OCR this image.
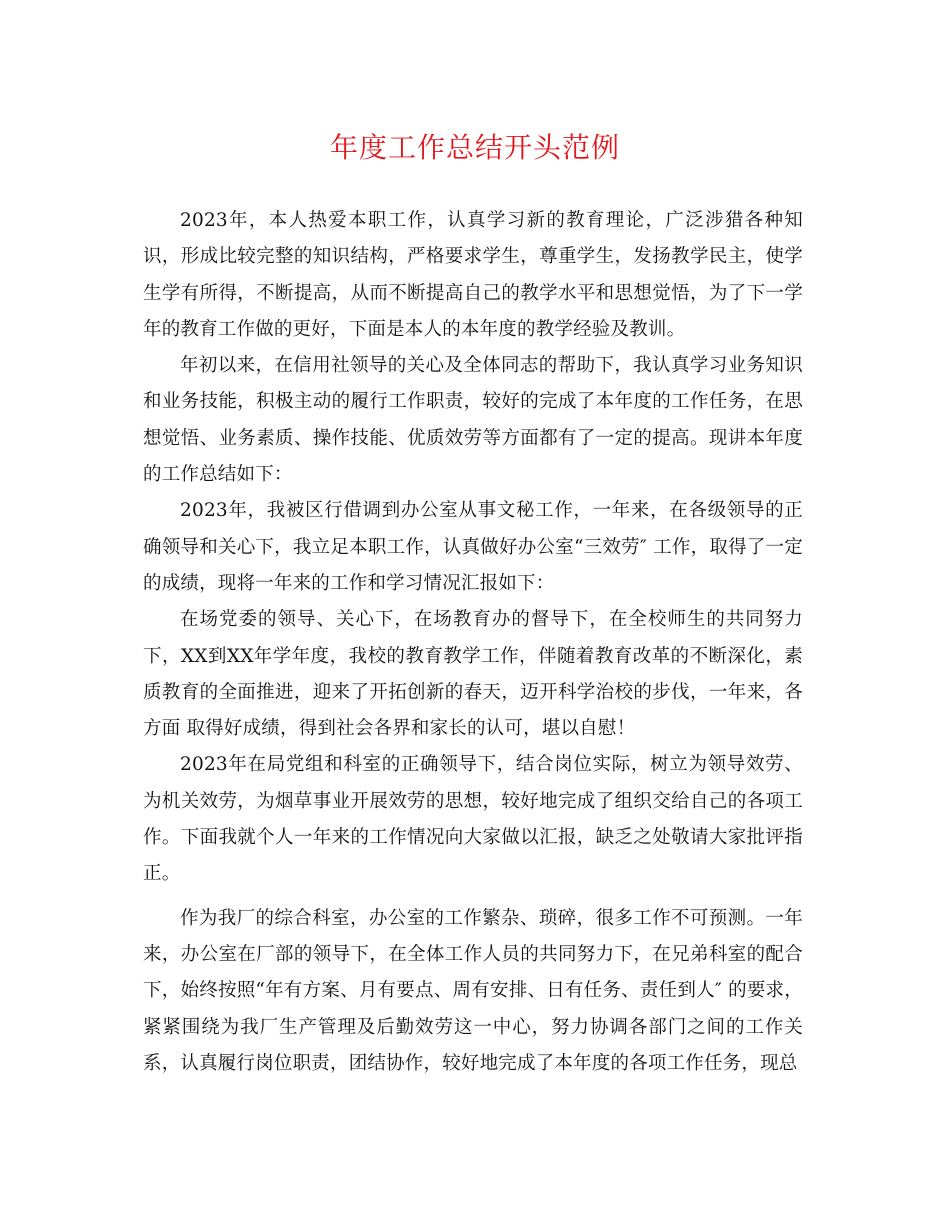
年度工作总结开头范例

2023年，本人热爱本职工作，认真学习新的教育理论，广泛涉猎各种知识，形成比较完整的知识结构，严格要求学生，尊重学生，发扬教学民主，使学生学有所得，不断提高，从而不断提高自己的教学水平和思想觉悟，为了下一学年的教育工作做的更好，下面是本人的本年度的教学经验及教训。

年初以来，在信用社领导的关心及全体同志的帮助下，我认真学习业务知识和业务技能，积极主动的履行工作职责，较好的完成了本年度的工作任务，在思想觉悟、业务素质、操作技能、优质效劳等方面都有了一定的提高。现讲本年度的工作总结如下：

2023年，我被区行借调到办公室从事文秘工作，一年来，在各级领导的正确领导和关心下，我立足本职工作，认真做好办公室“三效劳″ 工作，取得了一定的成绩，现将一年来的工作和学习情况汇报如下：

在场党委的领导、关心下，在场教育办的督导下，在全校师生的共同努力下，XX到XX年学年度，我校的教育教学工作，伴随着教育改革的不断深化，素质教育的全面推进，迎来了开拓创新的春天，迈开科学治校的步伐，一年来，各方面 取得好成绩，得到社会各界和家长的认可，堪以自慰！

2023年在局党组和科室的正确领导下，结合岗位实际，树立为领导效劳、为机关效劳，为烟草事业开展效劳的思想，较好地完成了组织交给自己的各项工作。下面我就个人一年来的工作情况向大家做以汇报，缺乏之处敬请大家批评指正。

作为我厂的综合科室，办公室的工作繁杂、琐碎，很多工作不可预测。一年来，办公室在厂部的领导下，在全体工作人员的共同努力下，在兄弟科室的配合下，始终按照“年有方案、月有要点、周有安排、日有任务、责任到人″ 的要求，紧紧围绕为我厂生产管理及后勤效劳这一中心，努力协调各部门之间的工作关系，认真履行岗位职责，团结协作，较好地完成了本年度的各项工作任务，现总
